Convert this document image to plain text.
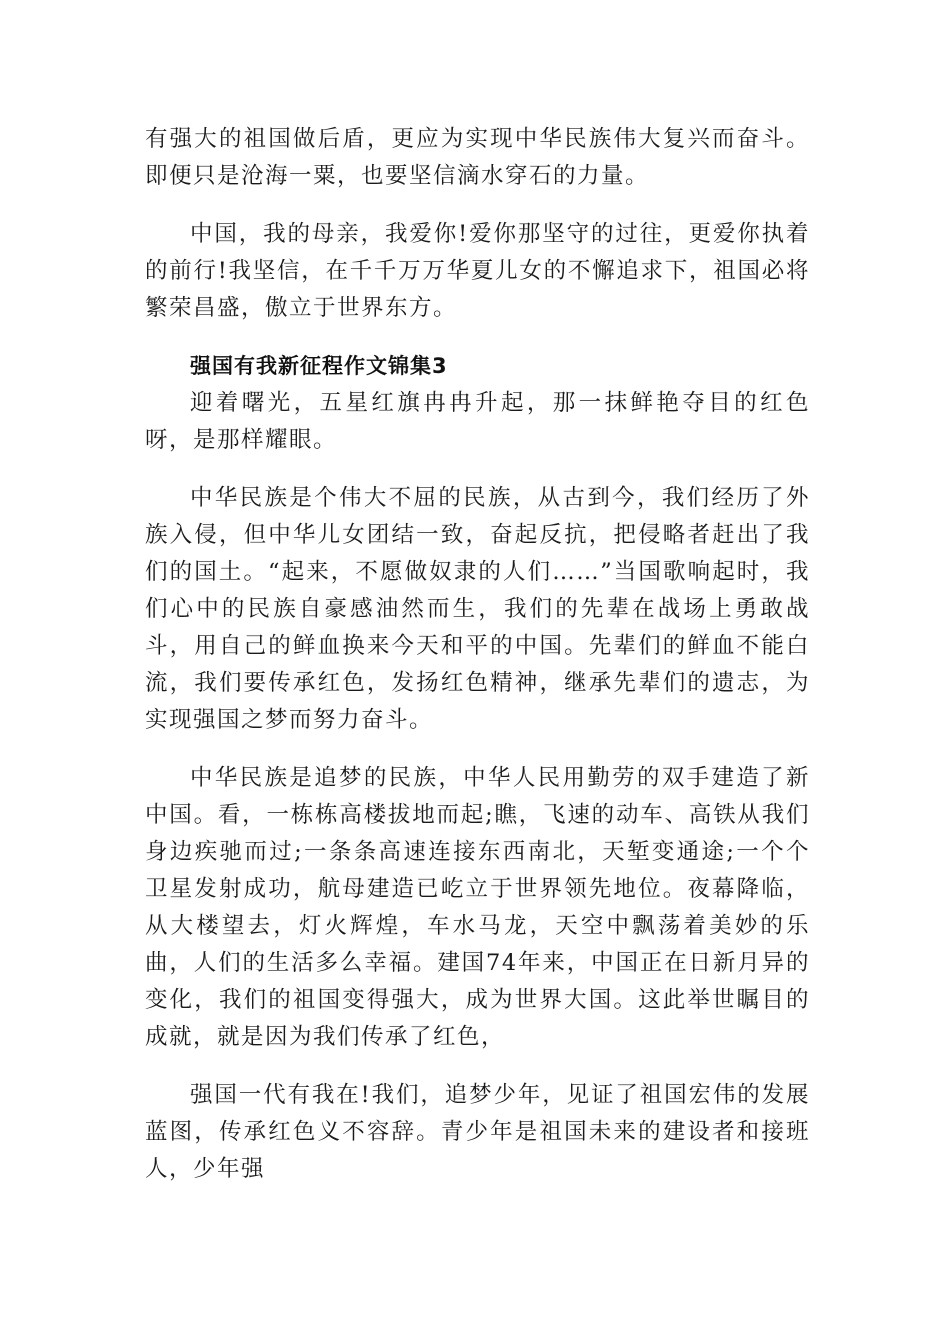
有强大的祖国做后盾，更应为实现中华民族伟大复兴而奋斗。即便只是沧海一粟，也要坚信滴水穿石的力量。

中国，我的母亲，我爱你!爱你那坚守的过往，更爱你执着的前行!我坚信，在千千万万华夏儿女的不懈追求下，祖国必将繁荣昌盛，傲立于世界东方。

强国有我新征程作文锦集3

迎着曙光，五星红旗冉冉升起，那一抹鲜艳夺目的红色呀，是那样耀眼。

中华民族是个伟大不屈的民族，从古到今，我们经历了外族入侵，但中华儿女团结一致，奋起反抗，把侵略者赶出了我们的国土。“起来，不愿做奴隶的人们……”当国歌响起时，我们心中的民族自豪感油然而生，我们的先辈在战场上勇敢战斗，用自己的鲜血换来今天和平的中国。先辈们的鲜血不能白流，我们要传承红色，发扬红色精神，继承先辈们的遗志，为实现强国之梦而努力奋斗。

中华民族是追梦的民族，中华人民用勤劳的双手建造了新中国。看，一栋栋高楼拔地而起;瞧，飞速的动车、高铁从我们身边疾驰而过;一条条高速连接东西南北，天堑变通途;一个个卫星发射成功，航母建造已屹立于世界领先地位。夜幕降临，从大楼望去，灯火辉煌，车水马龙，天空中飘荡着美妙的乐曲，人们的生活多么幸福。建国74年来，中国正在日新月异的变化，我们的祖国变得强大，成为世界大国。这此举世瞩目的成就，就是因为我们传承了红色，

强国一代有我在!我们，追梦少年，见证了祖国宏伟的发展蓝图，传承红色义不容辞。青少年是祖国未来的建设者和接班人，少年强
